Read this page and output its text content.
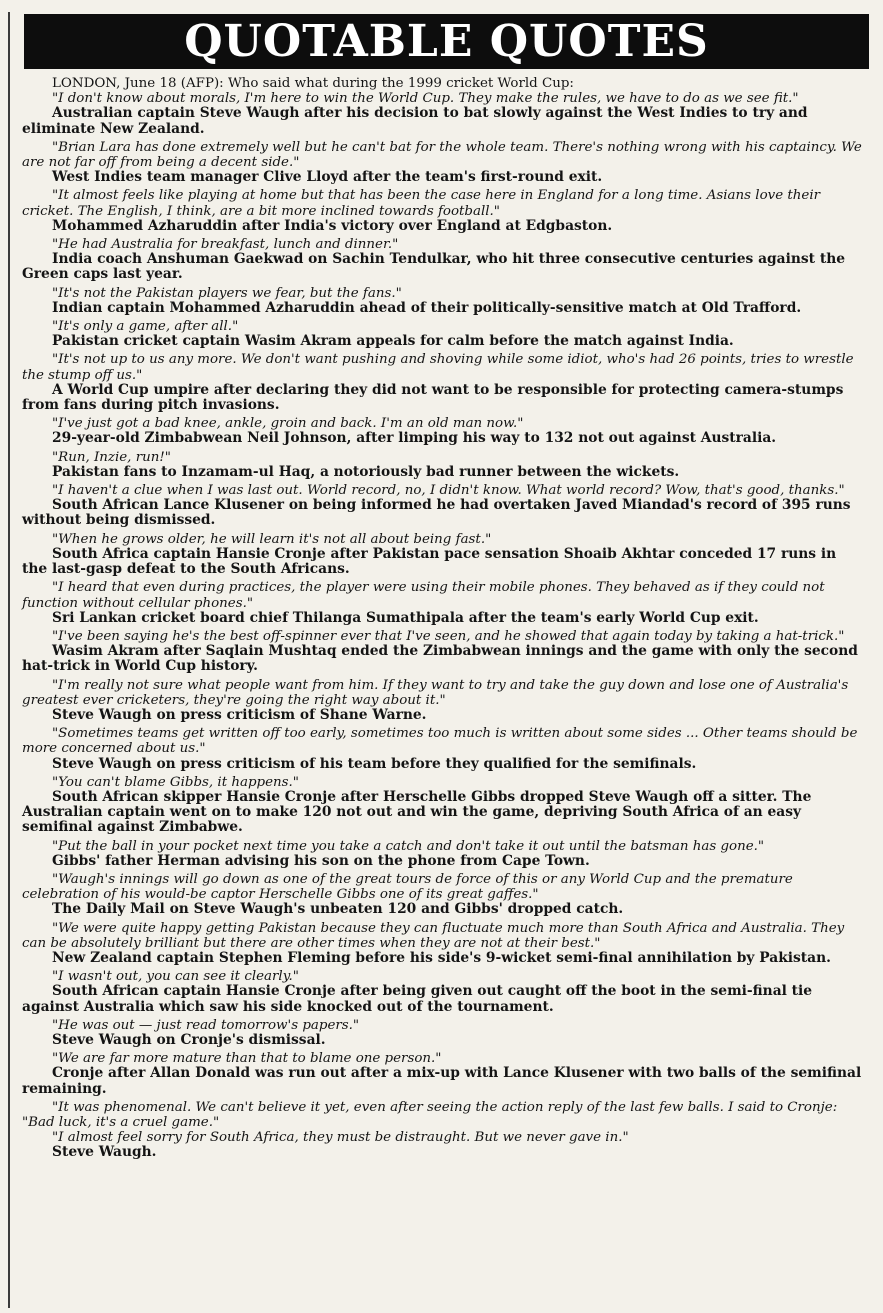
QUOTABLE QUOTES

LONDON, June 18 (AFP): Who said what during the 1999 cricket World Cup:

"I don't know about morals, I'm here to win the World Cup. They make the rules, we have to do as we see fit."

Australian captain Steve Waugh after his decision to bat slowly against the West Indies to try and eliminate New Zealand.

"Brian Lara has done extremely well but he can't bat for the whole team. There's nothing wrong with his captaincy. We are not far off from being a decent side."

West Indies team manager Clive Lloyd after the team's first-round exit.

"It almost feels like playing at home but that has been the case here in England for a long time. Asians love their cricket. The English, I think, are a bit more inclined towards football."

Mohammed Azharuddin after India's victory over England at Edgbaston.

"He had Australia for breakfast, lunch and dinner."

India coach Anshuman Gaekwad on Sachin Tendulkar, who hit three consecutive centuries against the Green caps last year.

"It's not the Pakistan players we fear, but the fans."

Indian captain Mohammed Azharuddin ahead of their politically-sensitive match at Old Trafford.

"It's only a game, after all."

Pakistan cricket captain Wasim Akram appeals for calm before the match against India.

"It's not up to us any more. We don't want pushing and shoving while some idiot, who's had 26 points, tries to wrestle the stump off us."

A World Cup umpire after declaring they did not want to be responsible for protecting camera-stumps from fans during pitch invasions.

"I've just got a bad knee, ankle, groin and back. I'm an old man now."

29-year-old Zimbabwean Neil Johnson, after limping his way to 132 not out against Australia.

"Run, Inzie, run!"

Pakistan fans to Inzamam-ul Haq, a notoriously bad runner between the wickets.

"I haven't a clue when I was last out. World record, no, I didn't know. What world record? Wow, that's good, thanks."

South African Lance Klusener on being informed he had overtaken Javed Miandad's record of 395 runs without being dismissed.

"When he grows older, he will learn it's not all about being fast."

South Africa captain Hansie Cronje after Pakistan pace sensation Shoaib Akhtar conceded 17 runs in the last-gasp defeat to the South Africans.

"I heard that even during practices, the player were using their mobile phones. They behaved as if they could not function without cellular phones."

Sri Lankan cricket board chief Thilanga Sumathipala after the team's early World Cup exit.

"I've been saying he's the best off-spinner ever that I've seen, and he showed that again today by taking a hat-trick."

Wasim Akram after Saqlain Mushtaq ended the Zimbabwean innings and the game with only the second hat-trick in World Cup history.

"I'm really not sure what people want from him. If they want to try and take the guy down and lose one of Australia's greatest ever cricketers, they're going the right way about it."

Steve Waugh on press criticism of Shane Warne.

"Sometimes teams get written off too early, sometimes too much is written about some sides ... Other teams should be more concerned about us."

Steve Waugh on press criticism of his team before they qualified for the semifinals.

"You can't blame Gibbs, it happens."

South African skipper Hansie Cronje after Herschelle Gibbs dropped Steve Waugh off a sitter. The Australian captain went on to make 120 not out and win the game, depriving South Africa of an easy semifinal against Zimbabwe.

"Put the ball in your pocket next time you take a catch and don't take it out until the batsman has gone."

Gibbs' father Herman advising his son on the phone from Cape Town.

"Waugh's innings will go down as one of the great tours de force of this or any World Cup and the premature celebration of his would-be captor Herschelle Gibbs one of its great gaffes."

The Daily Mail on Steve Waugh's unbeaten 120 and Gibbs' dropped catch.

"We were quite happy getting Pakistan because they can fluctuate much more than South Africa and Australia. They can be absolutely brilliant but there are other times when they are not at their best."

New Zealand captain Stephen Fleming before his side's 9-wicket semi-final annihilation by Pakistan.

"I wasn't out, you can see it clearly."

South African captain Hansie Cronje after being given out caught off the boot in the semi-final tie against Australia which saw his side knocked out of the tournament.

"He was out — just read tomorrow's papers."

Steve Waugh on Cronje's dismissal.

"We are far more mature than that to blame one person."

Cronje after Allan Donald was run out after a mix-up with Lance Klusener with two balls of the semifinal remaining.

"It was phenomenal. We can't believe it yet, even after seeing the action reply of the last few balls. I said to Cronje: "Bad luck, it's a cruel game."

"I almost feel sorry for South Africa, they must be distraught. But we never gave in."

Steve Waugh.
